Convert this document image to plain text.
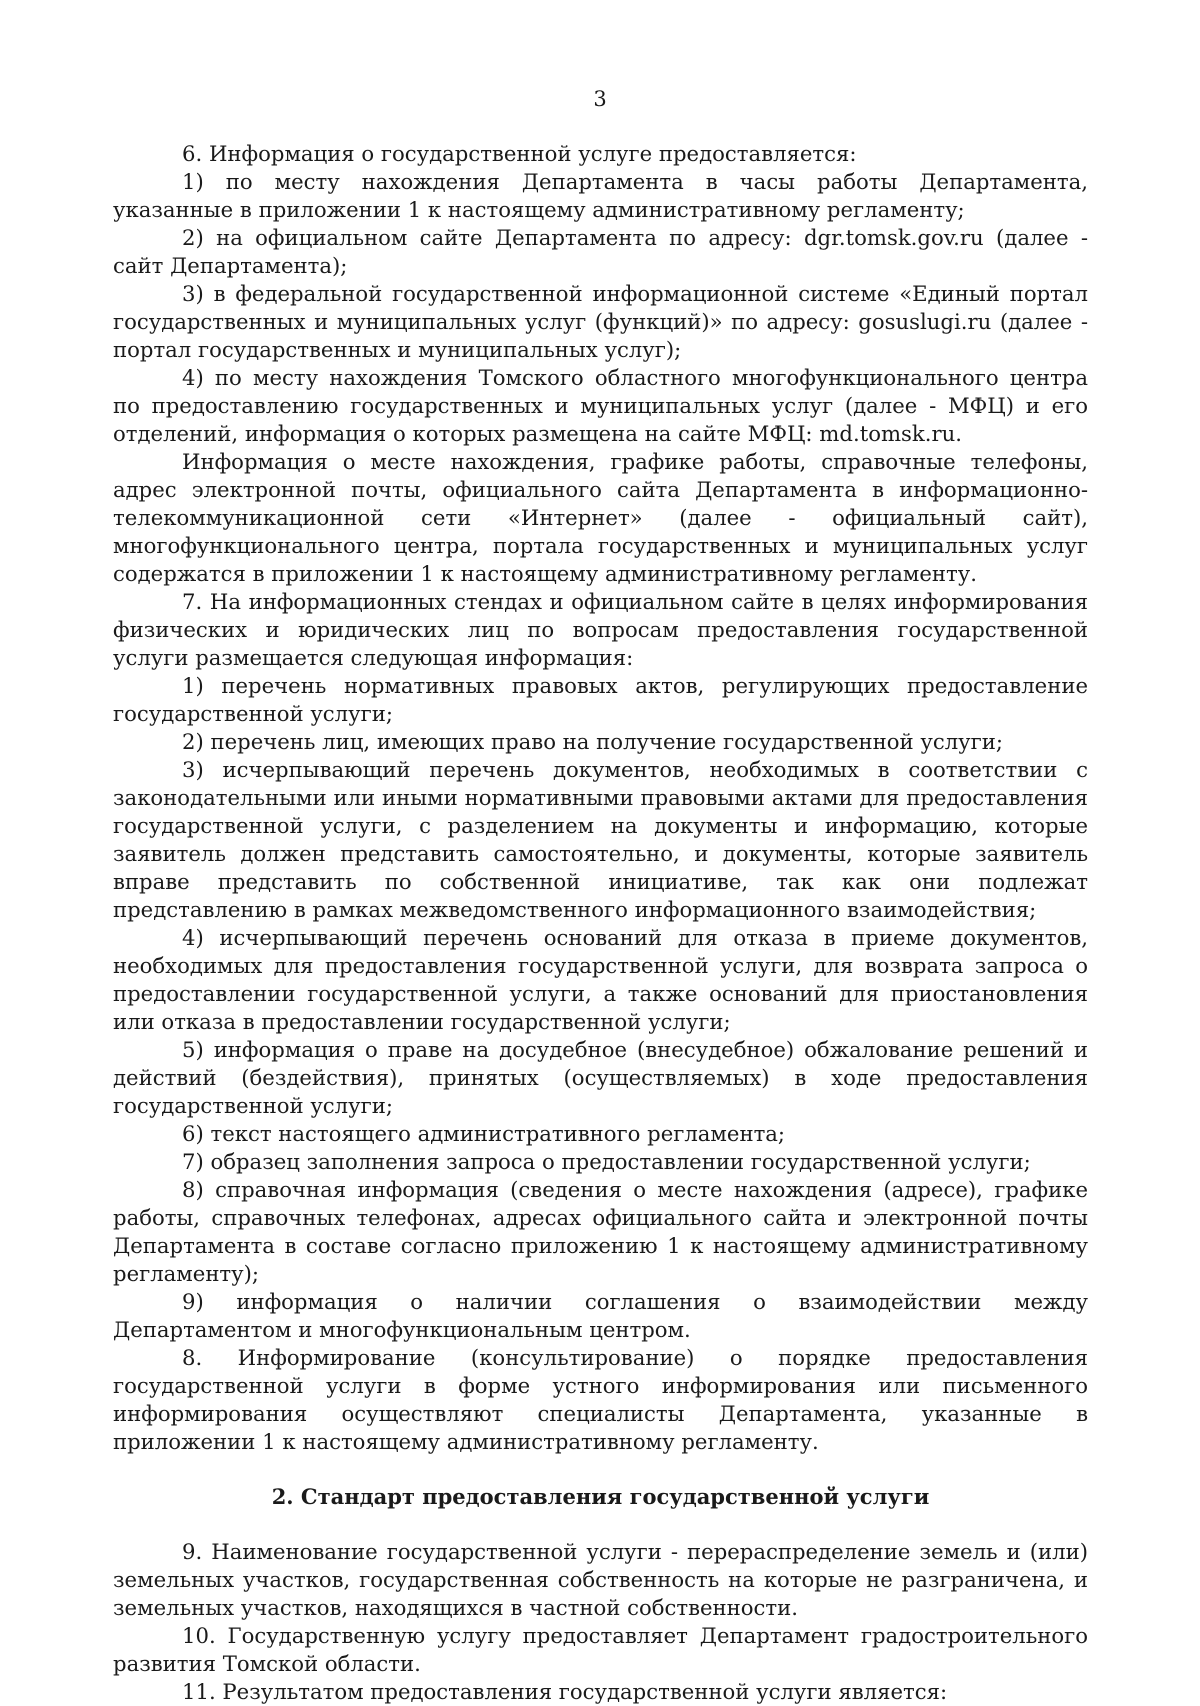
3

6. Информация о государственной услуге предоставляется:

1) по месту нахождения Департамента в часы работы Департамента, указанные в приложении 1 к настоящему административному регламенту;

2) на официальном сайте Департамента по адресу: dgr.tomsk.gov.ru (далее - сайт Департамента);

3) в федеральной государственной информационной системе «Единый портал государственных и муниципальных услуг (функций)» по адресу: gosuslugi.ru (далее - портал государственных и муниципальных услуг);

4) по месту нахождения Томского областного многофункционального центра по предоставлению государственных и муниципальных услуг (далее - МФЦ) и его отделений, информация о которых размещена на сайте МФЦ: md.tomsk.ru.

Информация о месте нахождения, графике работы, справочные телефоны, адрес электронной почты, официального сайта Департамента в информационно-телекоммуникационной сети «Интернет» (далее - официальный сайт), многофункционального центра, портала государственных и муниципальных услуг содержатся в приложении 1 к настоящему административному регламенту.

7. На информационных стендах и официальном сайте в целях информирования физических и юридических лиц по вопросам предоставления государственной услуги размещается следующая информация:

1) перечень нормативных правовых актов, регулирующих предоставление государственной услуги;

2) перечень лиц, имеющих право на получение государственной услуги;

3) исчерпывающий перечень документов, необходимых в соответствии с законодательными или иными нормативными правовыми актами для предоставления государственной услуги, с разделением на документы и информацию, которые заявитель должен представить самостоятельно, и документы, которые заявитель вправе представить по собственной инициативе, так как они подлежат представлению в рамках межведомственного информационного взаимодействия;

4) исчерпывающий перечень оснований для отказа в приеме документов, необходимых для предоставления государственной услуги, для возврата запроса о предоставлении государственной услуги, а также оснований для приостановления или отказа в предоставлении государственной услуги;

5) информация о праве на досудебное (внесудебное) обжалование решений и действий (бездействия), принятых (осуществляемых) в ходе предоставления государственной услуги;

6) текст настоящего административного регламента;

7) образец заполнения запроса о предоставлении государственной услуги;

8) справочная информация (сведения о месте нахождения (адресе), графике работы, справочных телефонах, адресах официального сайта и электронной почты Департамента в составе согласно приложению 1 к настоящему административному регламенту);

9) информация о наличии соглашения о взаимодействии между Департаментом и многофункциональным центром.

8. Информирование (консультирование) о порядке предоставления государственной услуги в форме устного информирования или письменного информирования осуществляют специалисты Департамента, указанные в приложении 1 к настоящему административному регламенту.

2. Стандарт предоставления государственной услуги

9. Наименование государственной услуги - перераспределение земель и (или) земельных участков, государственная собственность на которые не разграничена, и земельных участков, находящихся в частной собственности.

10. Государственную услугу предоставляет Департамент градостроительного развития Томской области.

11. Результатом предоставления государственной услуги является:
